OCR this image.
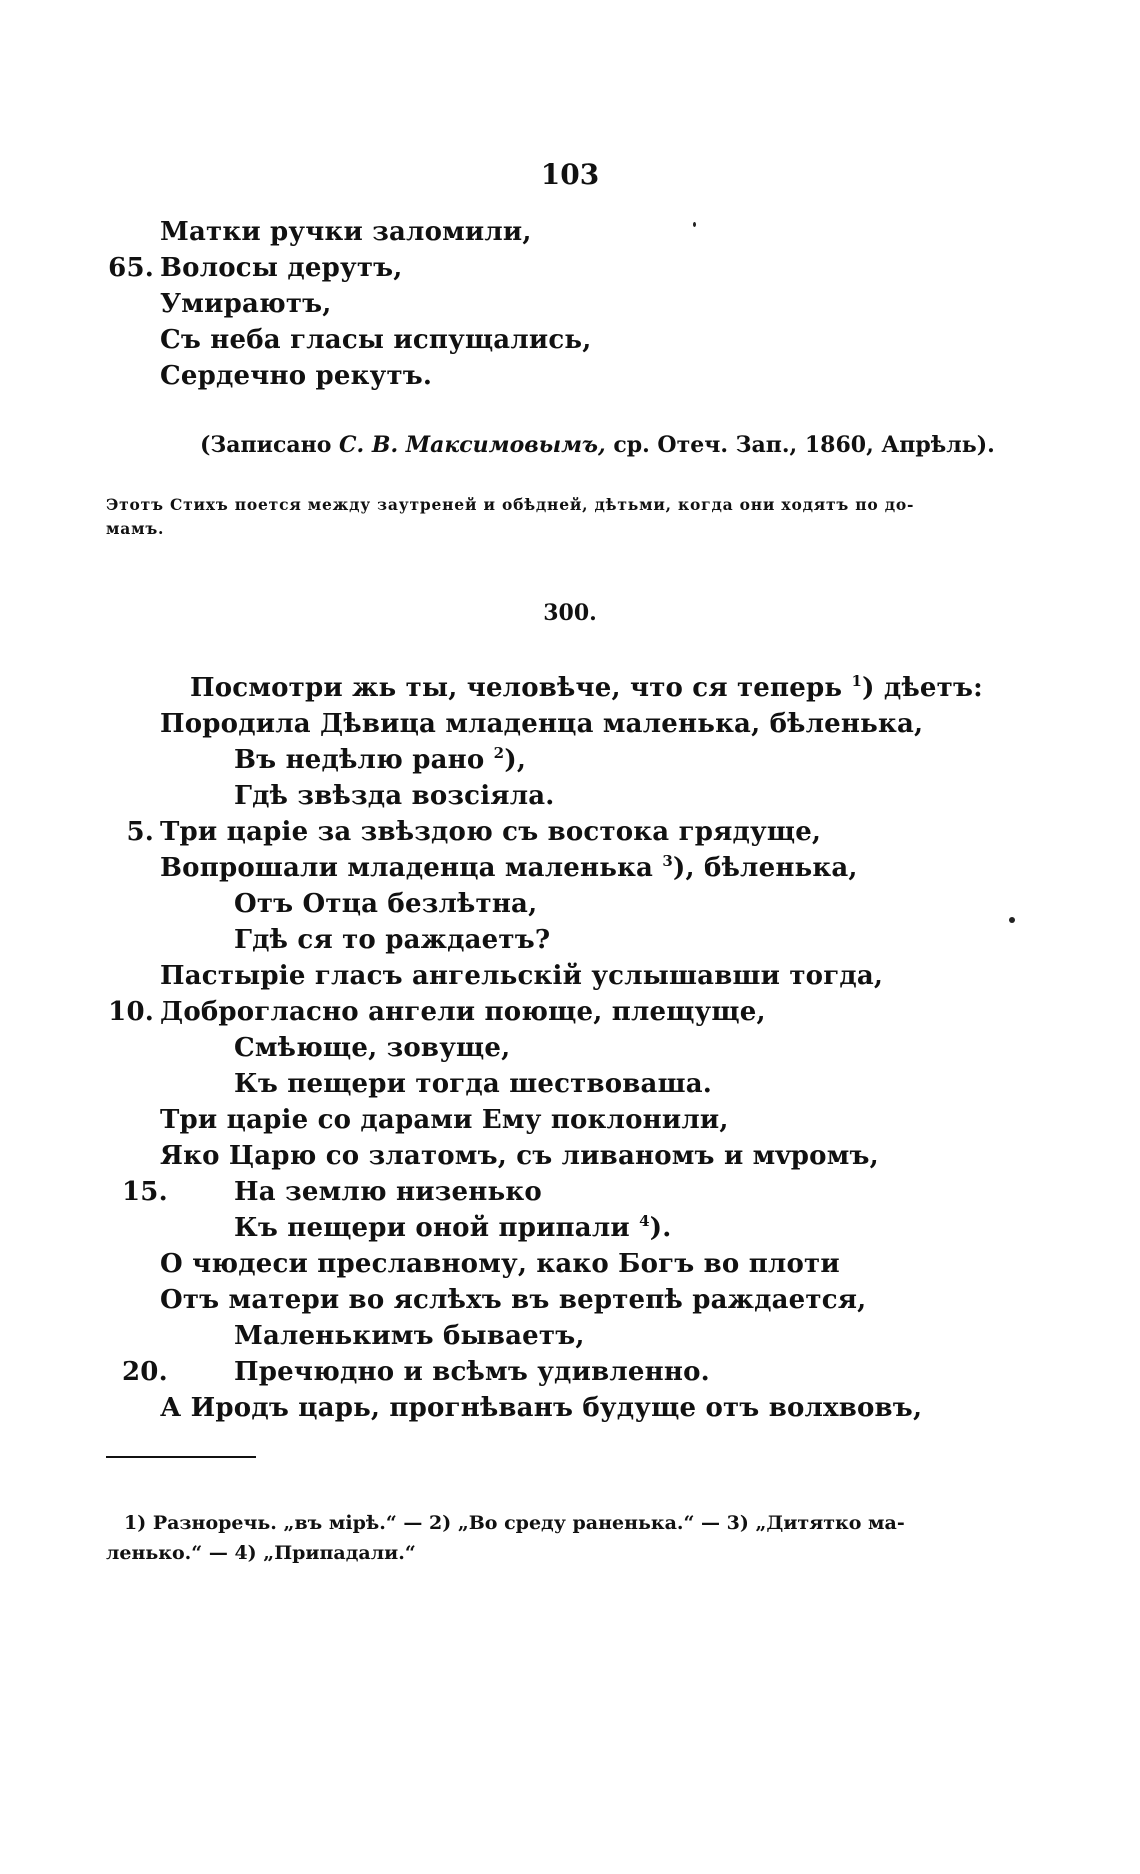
103
Матки ручки заломили,
65. Волосы дерутъ,
Умираютъ,
Съ неба гласы испущались,
Сердечно рекутъ.
(Записано С. В. Максимовымъ, ср. Отеч. Зап., 1860, Апрѣль).
Этотъ Стихъ поется между заутреней и обѣдней, дѣтьми, когда они ходятъ по до-
мамъ.
300.
Посмотри жь ты, человѣче, что ся теперь $^1$) дѣетъ:
Породила Дѣвица младенца маленька, бѣленька,
Въ недѣлю рано $^2$),
Гдѣ звѣзда возсіяла.
5. Три царіе за звѣздою съ востока грядуще,
Вопрошали младенца маленька $^3$), бѣленька,
Отъ Отца безлѣтна,
Гдѣ ся то раждаетъ?
Пастыріе гласъ ангельскій услышавши тогда,
10. Доброгласно ангели поюще, плещуще,
Смѣюще, зовуще,
Къ пещери тогда шествоваша.
Три царіе со дарами Ему поклонили,
Яко Царю со златомъ, съ ливаномъ и мvромъ,
15.	На землю низенько
Къ пещери оной припали $^4$).
О чюдеси преславному, како Богъ во плоти
Отъ матери во яслѣхъ въ вертепѣ раждается,
Маленькимъ бываетъ,
20.	Пречюдно и всѣмъ удивленно.
А Иродъ царь, прогнѣванъ будуще отъ волхвовъ,
1) Разноречь. „въ мірѣ.“ — 2) „Во среду раненька.“ — 3) „Дитятко ма-
ленько.“ — 4) „Припадали.“
